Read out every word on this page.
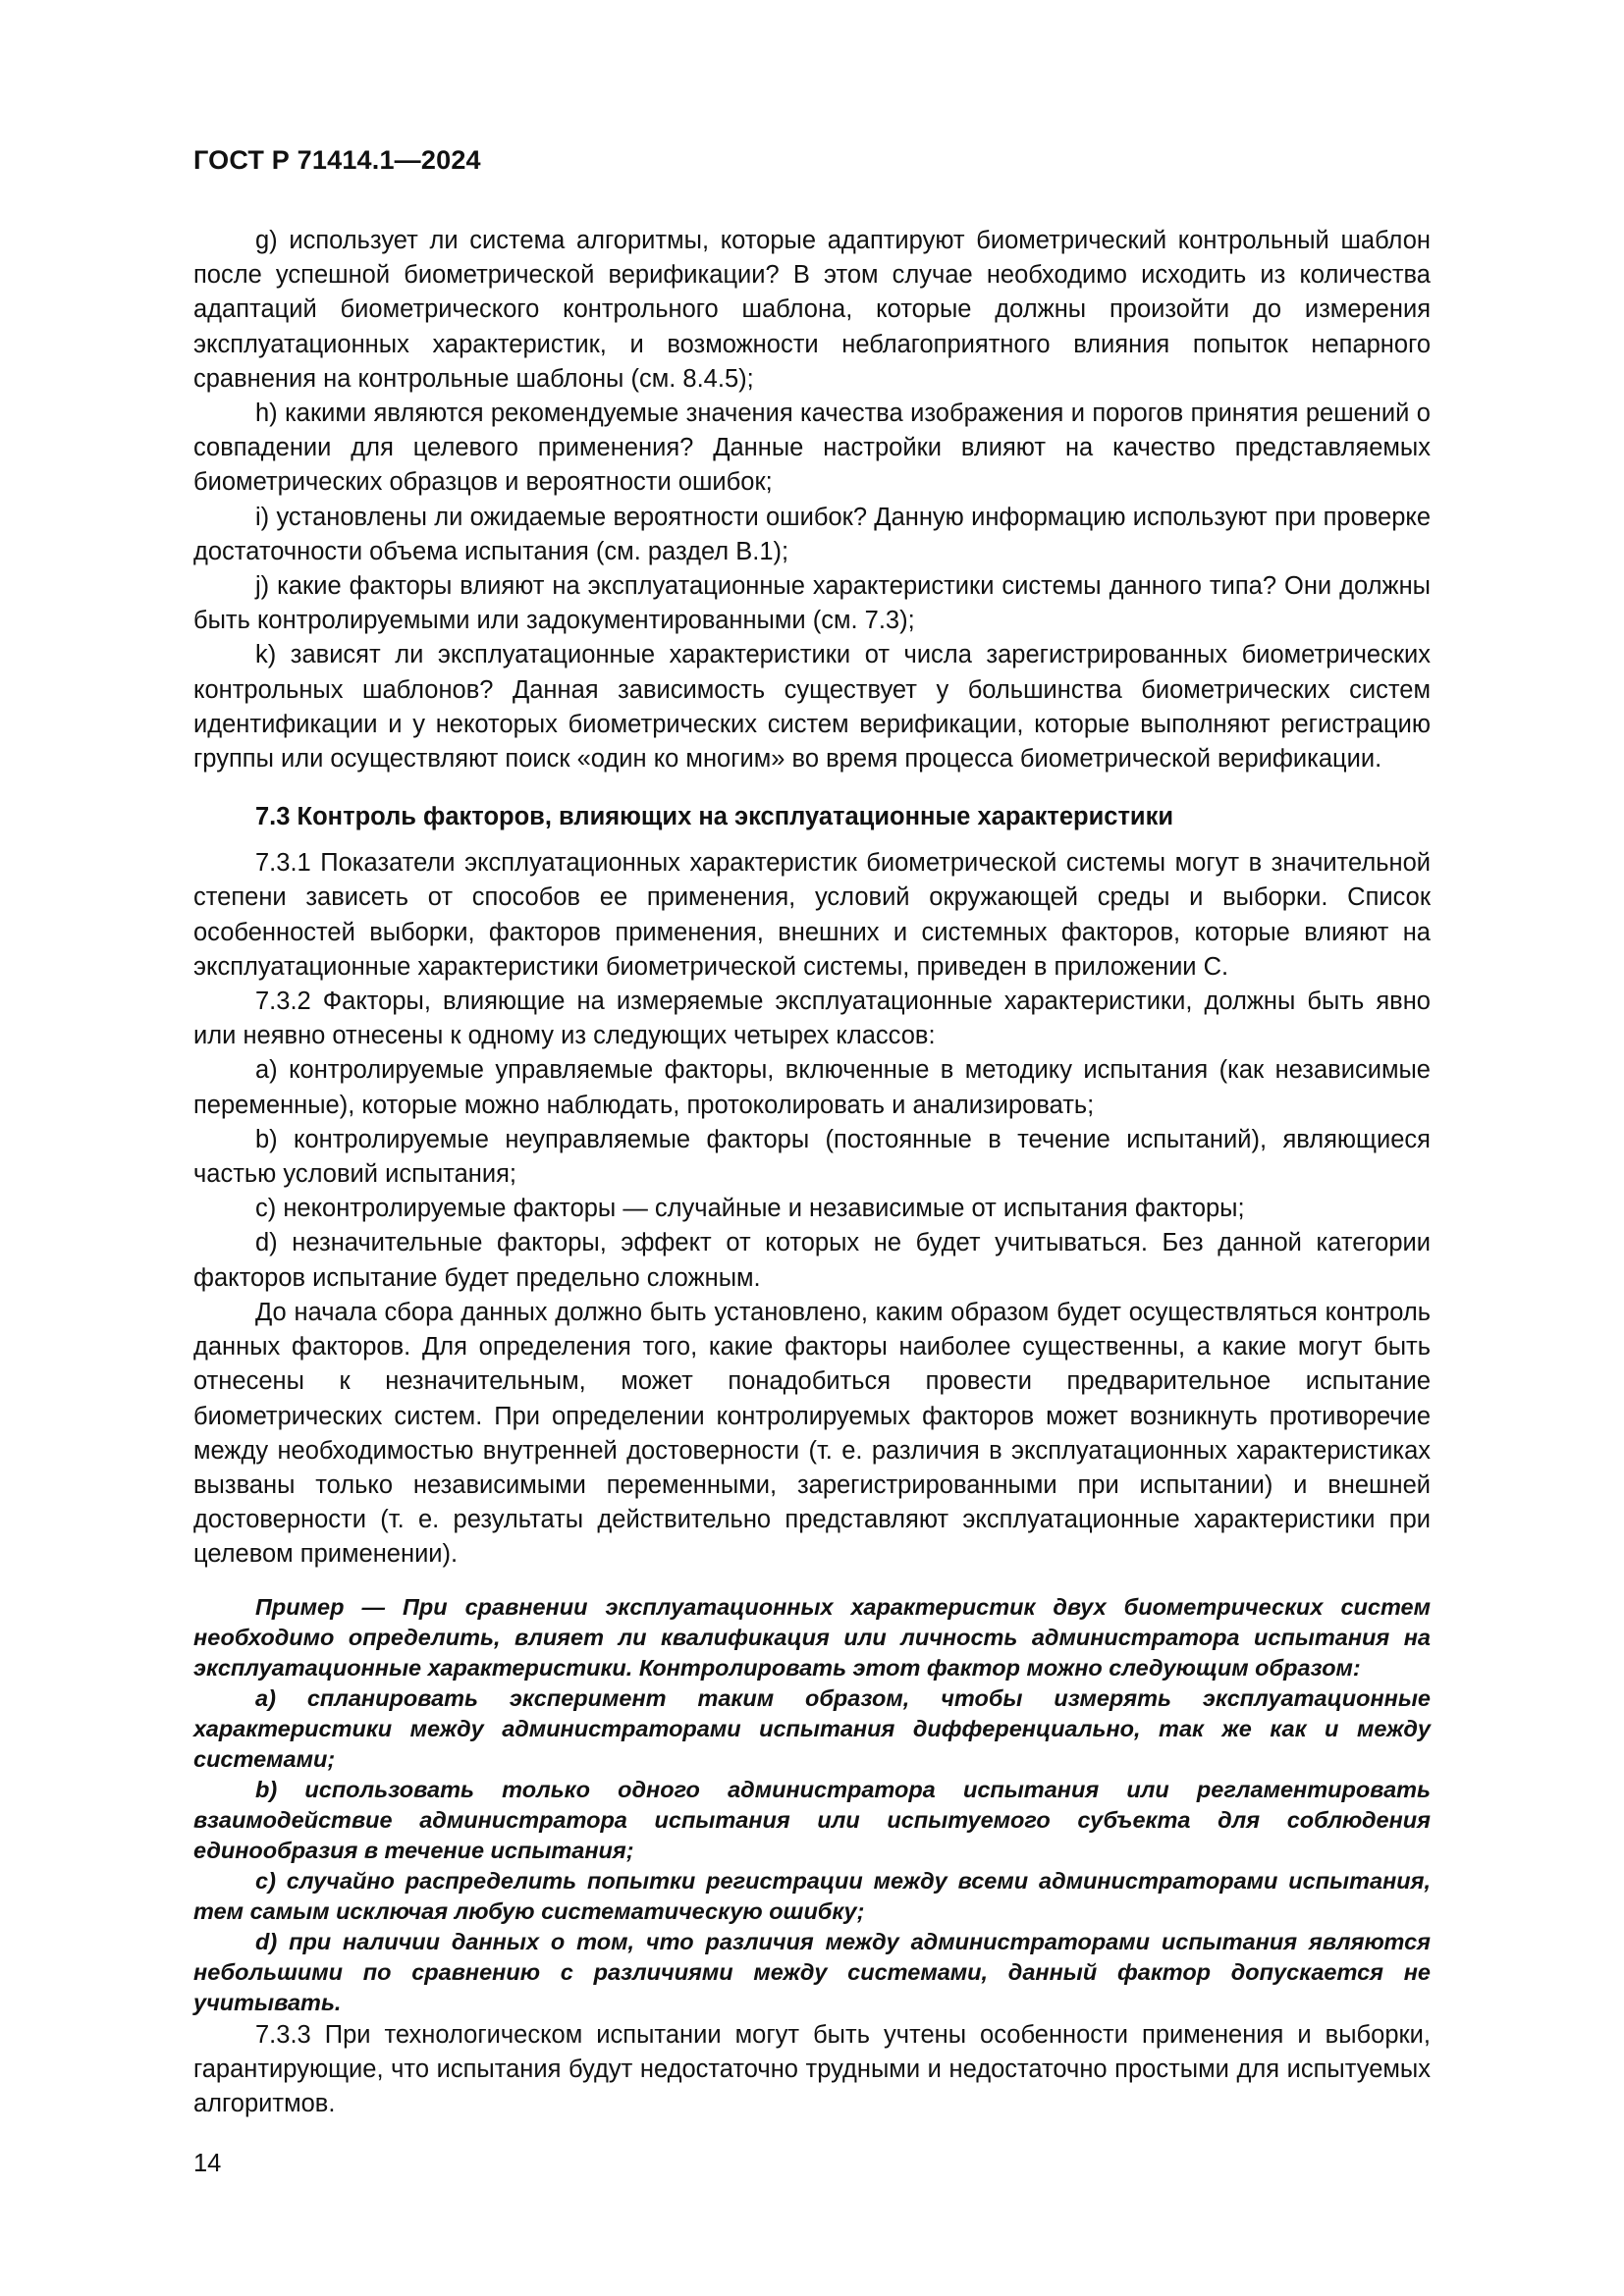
ГОСТ Р 71414.1—2024

g) использует ли система алгоритмы, которые адаптируют биометрический контрольный шаблон после успешной биометрической верификации? В этом случае необходимо исходить из количества адаптаций биометрического контрольного шаблона, которые должны произойти до измерения эксплуатационных характеристик, и возможности неблагоприятного влияния попыток непарного сравнения на контрольные шаблоны (см. 8.4.5);

h) какими являются рекомендуемые значения качества изображения и порогов принятия решений о совпадении для целевого применения? Данные настройки влияют на качество представляемых биометрических образцов и вероятности ошибок;

i) установлены ли ожидаемые вероятности ошибок? Данную информацию используют при проверке достаточности объема испытания (см. раздел В.1);

j) какие факторы влияют на эксплуатационные характеристики системы данного типа? Они должны быть контролируемыми или задокументированными (см. 7.3);

k) зависят ли эксплуатационные характеристики от числа зарегистрированных биометрических контрольных шаблонов? Данная зависимость существует у большинства биометрических систем идентификации и у некоторых биометрических систем верификации, которые выполняют регистрацию группы или осуществляют поиск «один ко многим» во время процесса биометрической верификации.

7.3 Контроль факторов, влияющих на эксплуатационные характеристики

7.3.1 Показатели эксплуатационных характеристик биометрической системы могут в значительной степени зависеть от способов ее применения, условий окружающей среды и выборки. Список особенностей выборки, факторов применения, внешних и системных факторов, которые влияют на эксплуатационные характеристики биометрической системы, приведен в приложении С.

7.3.2 Факторы, влияющие на измеряемые эксплуатационные характеристики, должны быть явно или неявно отнесены к одному из следующих четырех классов:

а) контролируемые управляемые факторы, включенные в методику испытания (как независимые переменные), которые можно наблюдать, протоколировать и анализировать;

b) контролируемые неуправляемые факторы (постоянные в течение испытаний), являющиеся частью условий испытания;

c) неконтролируемые факторы — случайные и независимые от испытания факторы;

d) незначительные факторы, эффект от которых не будет учитываться. Без данной категории факторов испытание будет предельно сложным.

До начала сбора данных должно быть установлено, каким образом будет осуществляться контроль данных факторов. Для определения того, какие факторы наиболее существенны, а какие могут быть отнесены к незначительным, может понадобиться провести предварительное испытание биометрических систем. При определении контролируемых факторов может возникнуть противоречие между необходимостью внутренней достоверности (т. е. различия в эксплуатационных характеристиках вызваны только независимыми переменными, зарегистрированными при испытании) и внешней достоверности (т. е. результаты действительно представляют эксплуатационные характеристики при целевом применении).

Пример — При сравнении эксплуатационных характеристик двух биометрических систем необходимо определить, влияет ли квалификация или личность администратора испытания на эксплуатационные характеристики. Контролировать этот фактор можно следующим образом:

а) спланировать эксперимент таким образом, чтобы измерять эксплуатационные характеристики между администраторами испытания дифференциально, так же как и между системами;

b) использовать только одного администратора испытания или регламентировать взаимодействие администратора испытания или испытуемого субъекта для соблюдения единообразия в течение испытания;

c) случайно распределить попытки регистрации между всеми администраторами испытания, тем самым исключая любую систематическую ошибку;

d) при наличии данных о том, что различия между администраторами испытания являются небольшими по сравнению с различиями между системами, данный фактор допускается не учитывать.

7.3.3 При технологическом испытании могут быть учтены особенности применения и выборки, гарантирующие, что испытания будут недостаточно трудными и недостаточно простыми для испытуемых алгоритмов.

14
